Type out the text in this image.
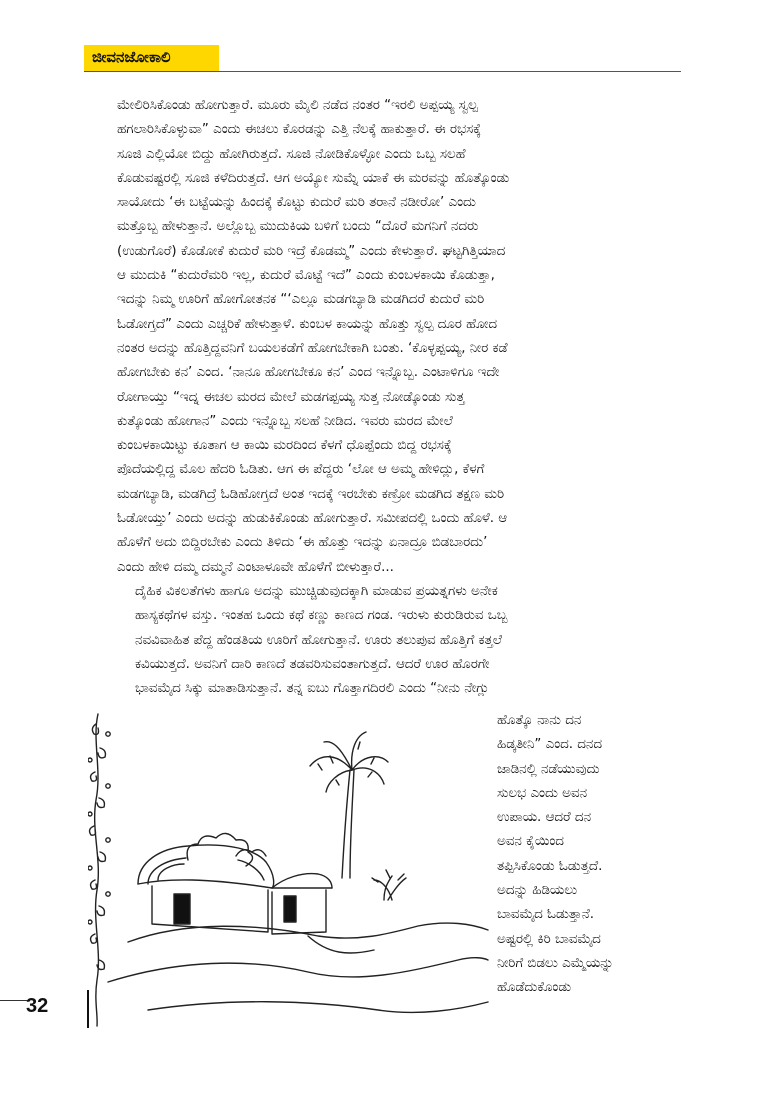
ಜೀವನಜೋಕಾಲಿ

ಮೇಲಿರಿಸಿಕೊಂಡು ಹೋಗುತ್ತಾರೆ. ಮೂರು ಮೈಲಿ ನಡೆದ ನಂತರ “ಇರಲಿ ಅಪ್ಪಯ್ಯ ಸ್ವಲ್ಪ
ಹಗಲಾರಿಸಿಕೊಳ್ಳುವಾ” ಎಂದು ಈಚಲು ಕೊರಡನ್ನು ಎತ್ತಿ ನೆಲಕ್ಕೆ ಹಾಕುತ್ತಾರೆ. ಈ ರಭಸಕ್ಕೆ
ಸೂಜಿ ಎಲ್ಲಿಯೋ ಬಿದ್ದು ಹೋಗಿರುತ್ತದೆ. ಸೂಜಿ ನೋಡಿಕೊಳ್ಳೋ ಎಂದು ಒಬ್ಬ ಸಲಹೆ
ಕೊಡುವಷ್ಟರಲ್ಲಿ ಸೂಜಿ ಕಳೆದಿರುತ್ತದೆ. ಆಗ ಅಯ್ಯೋ ಸುಮ್ನೆ ಯಾಕೆ ಈ ಮರವನ್ನು ಹೊತ್ಕೊಂಡು
ಸಾಯೋದು ‘ಈ ಬಟ್ಟೆಯನ್ನು ಹಿಂದಕ್ಕೆ ಕೊಟ್ಟು ಕುದುರೆ ಮರಿ ತರಾನೆ ನಡೀರೋ’ ಎಂದು
ಮತ್ತೊಬ್ಬ ಹೇಳುತ್ತಾನೆ. ಅಲ್ಲೊಬ್ಬ ಮುದುಕಿಯ ಬಳಿಗೆ ಬಂದು “ದೊರೆ ಮಗನಿಗೆ ನದರು
(ಉಡುಗೊರೆ) ಕೊಡೋಕೆ ಕುದುರೆ ಮರಿ ಇದ್ರೆ ಕೊಡಮ್ಮ” ಎಂದು ಕೇಳುತ್ತಾರೆ. ಘಟ್ಟಗಿತ್ತಿಯಾದ
ಆ ಮುದುಕಿ “ಕುದುರೆಮರಿ ಇಲ್ಲ, ಕುದುರೆ ಮೊಟ್ಟೆ ಇದೆ” ಎಂದು ಕುಂಬಳಕಾಯಿ ಕೊಡುತ್ತಾ,
ಇದನ್ನು ನಿಮ್ಮ ಊರಿಗೆ ಹೋಗೋತನಕ “‘ಎಲ್ಲೂ ಮಡಗಬ್ಯಾಡಿ ಮಡಗಿದರೆ ಕುದುರೆ ಮರಿ
ಓಡೋಗ್ತದೆ” ಎಂದು ಎಚ್ಚರಿಕೆ ಹೇಳುತ್ತಾಳೆ. ಕುಂಬಳ ಕಾಯನ್ನು ಹೊತ್ತು ಸ್ವಲ್ಪ ದೂರ ಹೋದ
ನಂತರ ಅದನ್ನು ಹೊತ್ತಿದ್ದವನಿಗೆ ಬಯಲಕಡೆಗೆ ಹೋಗಬೇಕಾಗಿ ಬಂತು. ‘ಕೊಳ್ಳಪ್ಪಯ್ಯ, ನೀರ ಕಡೆ
ಹೋಗಬೇಕು ಕನ’ ಎಂದ. ‘ನಾನೂ ಹೋಗಬೇಕೂ ಕನ’ ಎಂದ ಇನ್ನೊಬ್ಬ. ಎಂಟಾಳಿಗೂ ಇದೇ
ರೋಗಾಯ್ತು “ಇದ್ನ ಈಚಲ ಮರದ ಮೇಲೆ ಮಡಗಪ್ಪಯ್ಯ ಸುತ್ತ ನೋಡ್ಕೊಂಡು ಸುತ್ತ
ಕುತ್ಕೊಂಡು ಹೋಗಾನ” ಎಂದು ಇನ್ನೊಬ್ಬ ಸಲಹೆ ನೀಡಿದ. ಇವರು ಮರದ ಮೇಲೆ
ಕುಂಬಳಕಾಯಿಟ್ಟು ಕೂತಾಗ ಆ ಕಾಯಿ ಮರದಿಂದ ಕೆಳಗೆ ಧೊಪ್ಪೆಂದು ಬಿದ್ದ ರಭಸಕ್ಕೆ
ಪೊದೆಯಲ್ಲಿದ್ದ ಮೊಲ ಹೆದರಿ ಓಡಿತು. ಆಗ ಈ ಪೆದ್ದರು ‘ಲೋ ಆ ಅಮ್ಮ ಹೇಳಿದ್ಲು, ಕೆಳಗೆ
ಮಡಗಬ್ಯಾಡಿ, ಮಡಗಿದ್ರೆ ಓಡಿಹೋಗ್ತದೆ ಅಂತ ಇದಕ್ಕೆ ಇರಬೇಕು ಕಣ್ರೋ ಮಡಗಿದ ತಕ್ಷಣ ಮರಿ
ಓಡೋಯ್ತು’ ಎಂದು ಅದನ್ನು ಹುಡುಕಿಕೊಂಡು ಹೋಗುತ್ತಾರೆ. ಸಮೀಪದಲ್ಲಿ ಒಂದು ಹೊಳೆ. ಆ
ಹೊಳೆಗೆ ಅದು ಬಿದ್ದಿರಬೇಕು ಎಂದು ತಿಳಿದು ‘ಈ ಹೊತ್ತು ಇದನ್ನು ಏನಾದ್ರೂ ಬಿಡಬಾರದು’
ಎಂದು ಹೇಳಿ ದಮ್ಮ ದಮ್ಮನೆ ಎಂಟಾಳೂವೇ ಹೊಳೆಗೆ ಬೀಳುತ್ತಾರೆ...

ದೈಹಿಕ ವಿಕಲತೆಗಳು ಹಾಗೂ ಅದನ್ನು ಮುಚ್ಚಿಡುವುದಕ್ಕಾಗಿ ಮಾಡುವ ಪ್ರಯತ್ನಗಳು ಅನೇಕ
ಹಾಸ್ಯಕಥೆಗಳ ವಸ್ತು. ಇಂತಹ ಒಂದು ಕಥೆ ಕಣ್ಣು ಕಾಣದ ಗಂಡ. ಇರುಳು ಕುರುಡಿರುವ ಒಬ್ಬ
ನವವಿವಾಹಿತ ಪೆದ್ದ ಹೆಂಡತಿಯ ಊರಿಗೆ ಹೋಗುತ್ತಾನೆ. ಊರು ತಲುಪುವ ಹೊತ್ತಿಗೆ ಕತ್ತಲೆ
ಕವಿಯುತ್ತದೆ. ಅವನಿಗೆ ದಾರಿ ಕಾಣದೆ ತಡವರಿಸುವಂತಾಗುತ್ತದೆ. ಆದರೆ ಊರ ಹೊರಗೇ
ಭಾವಮೈದ ಸಿಕ್ಕು ಮಾತಾಡಿಸುತ್ತಾನೆ. ತನ್ನ ಐಬು ಗೊತ್ತಾಗದಿರಲಿ ಎಂದು “ನೀನು ನೇಗ್ಲು

ಹೊತ್ಕೊ ನಾನು ದನ
ಹಿಡ್ಕತೀನಿ” ಎಂದ. ದನದ
ಜಾಡಿನಲ್ಲಿ ನಡೆಯುವುದು
ಸುಲಭ ಎಂದು ಅವನ
ಉಪಾಯ. ಆದರೆ ದನ
ಅವನ ಕೈಯಿಂದ
ತಪ್ಪಿಸಿಕೊಂಡು ಓಡುತ್ತದೆ.
ಅದನ್ನು ಹಿಡಿಯಲು
ಬಾವಮೈದ ಓಡುತ್ತಾನೆ.
ಅಷ್ಟರಲ್ಲಿ ಕಿರಿ ಬಾವಮೈದ
ನೀರಿಗೆ ಬಿಡಲು ಎಮ್ಮೆಯನ್ನು
ಹೊಡೆದುಕೊಂಡು
32
